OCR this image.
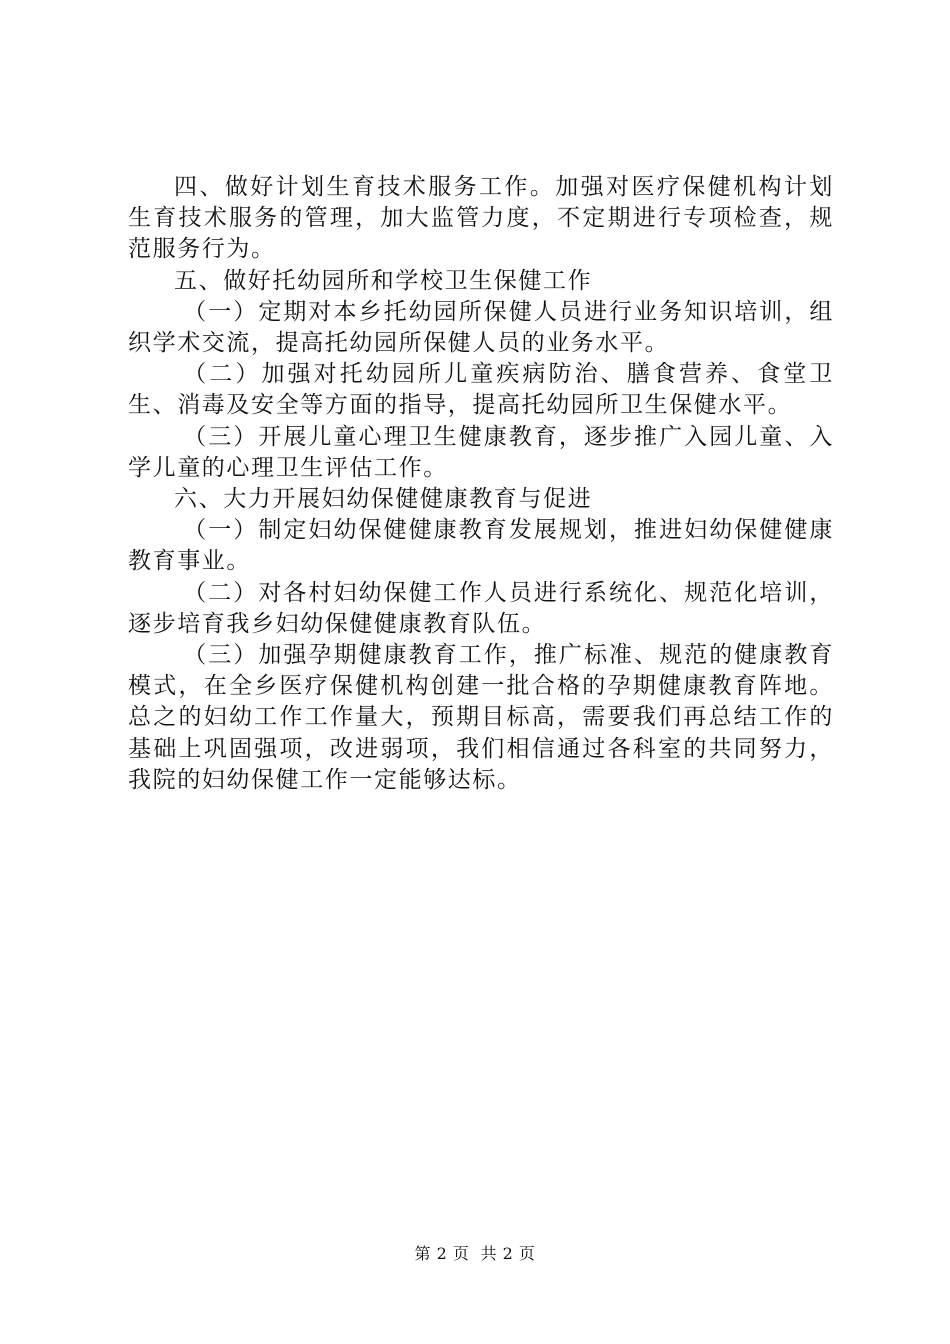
四、做好计划生育技术服务工作。加强对医疗保健机构计划生育技术服务的管理，加大监管力度，不定期进行专项检查，规范服务行为。

五、做好托幼园所和学校卫生保健工作

（一）定期对本乡托幼园所保健人员进行业务知识培训，组织学术交流，提高托幼园所保健人员的业务水平。

（二）加强对托幼园所儿童疾病防治、膳食营养、食堂卫生、消毒及安全等方面的指导，提高托幼园所卫生保健水平。

（三）开展儿童心理卫生健康教育，逐步推广入园儿童、入学儿童的心理卫生评估工作。

六、大力开展妇幼保健健康教育与促进

（一）制定妇幼保健健康教育发展规划，推进妇幼保健健康教育事业。

（二）对各村妇幼保健工作人员进行系统化、规范化培训，逐步培育我乡妇幼保健健康教育队伍。

（三）加强孕期健康教育工作，推广标准、规范的健康教育模式，在全乡医疗保健机构创建一批合格的孕期健康教育阵地。总之的妇幼工作工作量大，预期目标高，需要我们再总结工作的基础上巩固强项，改进弱项，我们相信通过各科室的共同努力，我院的妇幼保健工作一定能够达标。

第 2 页  共 2 页
